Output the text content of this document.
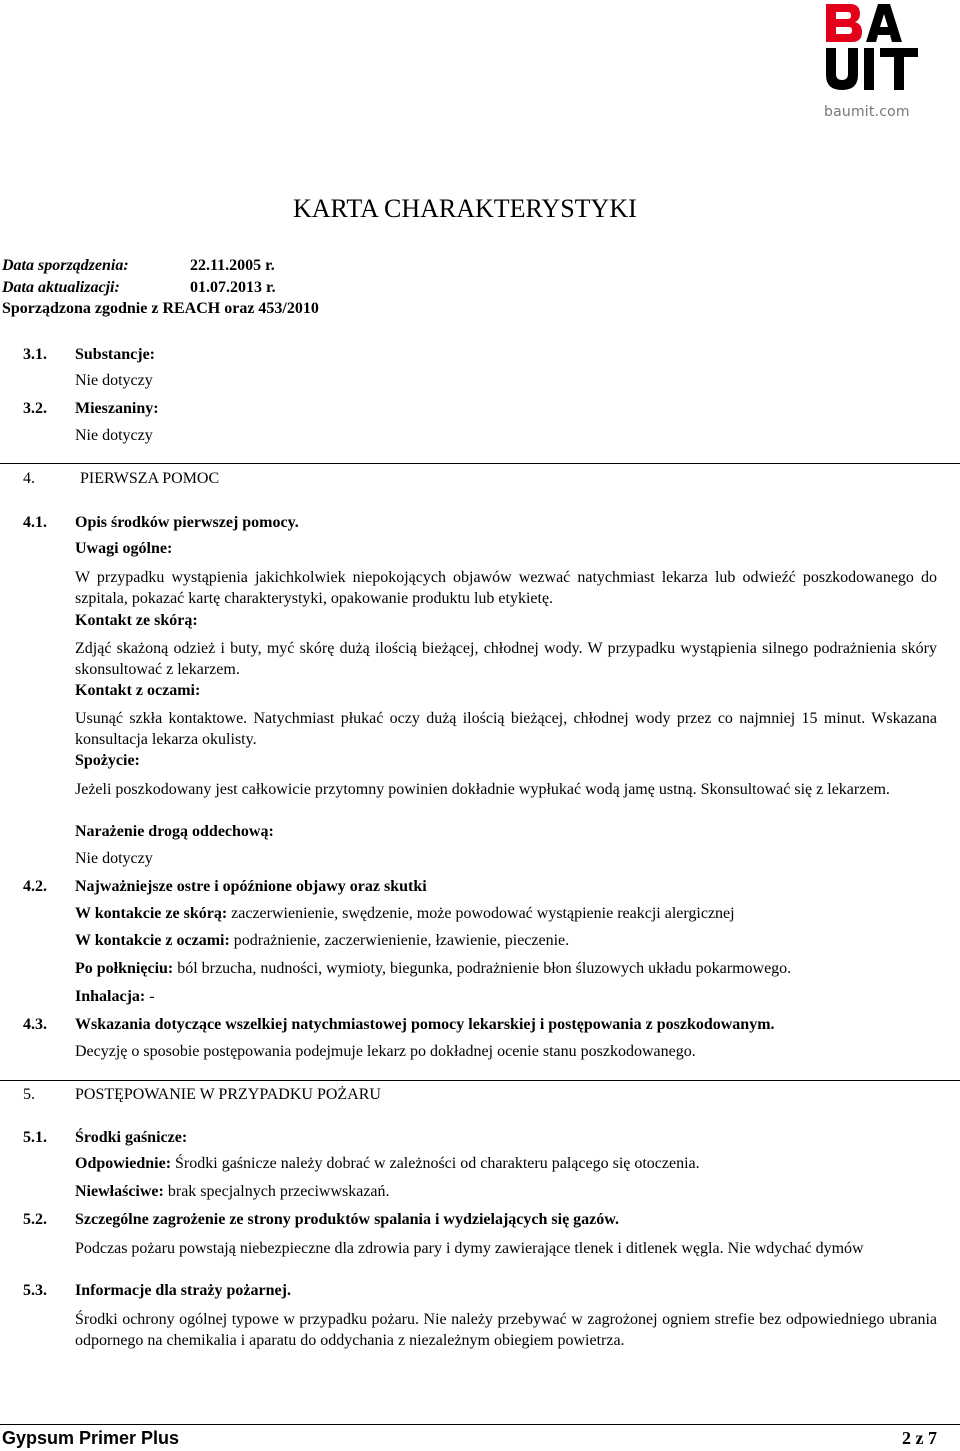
baumit.com
KARTA CHARAKTERYSTYKI
Data sporządzenia:	22.11.2005 r.
Data aktualizacji:	01.07.2013 r.
Sporządzona zgodnie z REACH oraz 453/2010
3.1. Substancje:
Nie dotyczy
3.2. Mieszaniny:
Nie dotyczy
4.	PIERWSZA POMOC
4.1. Opis środków pierwszej pomocy.
Uwagi ogólne:
W przypadku wystąpienia jakichkolwiek niepokojących objawów wezwać natychmiast lekarza lub odwieźć poszkodowanego do szpitala, pokazać kartę charakterystyki, opakowanie produktu lub etykietę.
Kontakt ze skórą:
Zdjąć skażoną odzież i buty, myć skórę dużą ilością bieżącej, chłodnej wody. W przypadku wystąpienia silnego podrażnienia skóry skonsultować z lekarzem.
Kontakt z oczami:
Usunąć szkła kontaktowe. Natychmiast płukać oczy dużą ilością bieżącej, chłodnej wody przez co najmniej 15 minut. Wskazana konsultacja lekarza okulisty.
Spożycie:
Jeżeli poszkodowany jest całkowicie przytomny powinien dokładnie wypłukać wodą jamę ustną. Skonsultować się z lekarzem.
Narażenie drogą oddechową:
Nie dotyczy
4.2. Najważniejsze ostre i opóźnione objawy oraz skutki
W kontakcie ze skórą: zaczerwienienie, swędzenie, może powodować wystąpienie reakcji alergicznej
W kontakcie z oczami: podrażnienie, zaczerwienienie, łzawienie, pieczenie.
Po połknięciu: ból brzucha, nudności, wymioty, biegunka, podrażnienie błon śluzowych układu pokarmowego.
Inhalacja: -
4.3. Wskazania dotyczące wszelkiej natychmiastowej pomocy lekarskiej i postępowania z poszkodowanym.
Decyzję o sposobie postępowania podejmuje lekarz po dokładnej ocenie stanu poszkodowanego.
5.	POSTĘPOWANIE W PRZYPADKU POŻARU
5.1. Środki gaśnicze:
Odpowiednie: Środki gaśnicze należy dobrać w zależności od charakteru palącego się otoczenia.
Niewłaściwe: brak specjalnych przeciwwskazań.
5.2. Szczególne zagrożenie ze strony produktów spalania i wydzielających się gazów.
Podczas pożaru powstają niebezpieczne dla zdrowia pary i dymy zawierające tlenek i ditlenek węgla. Nie wdychać dymów
5.3. Informacje dla straży pożarnej.
Środki ochrony ogólnej typowe w przypadku pożaru. Nie należy przebywać w zagrożonej ogniem strefie bez odpowiedniego ubrania odpornego na chemikalia i aparatu do oddychania z niezależnym obiegiem powietrza.
Gypsum Primer Plus	2 z 7
